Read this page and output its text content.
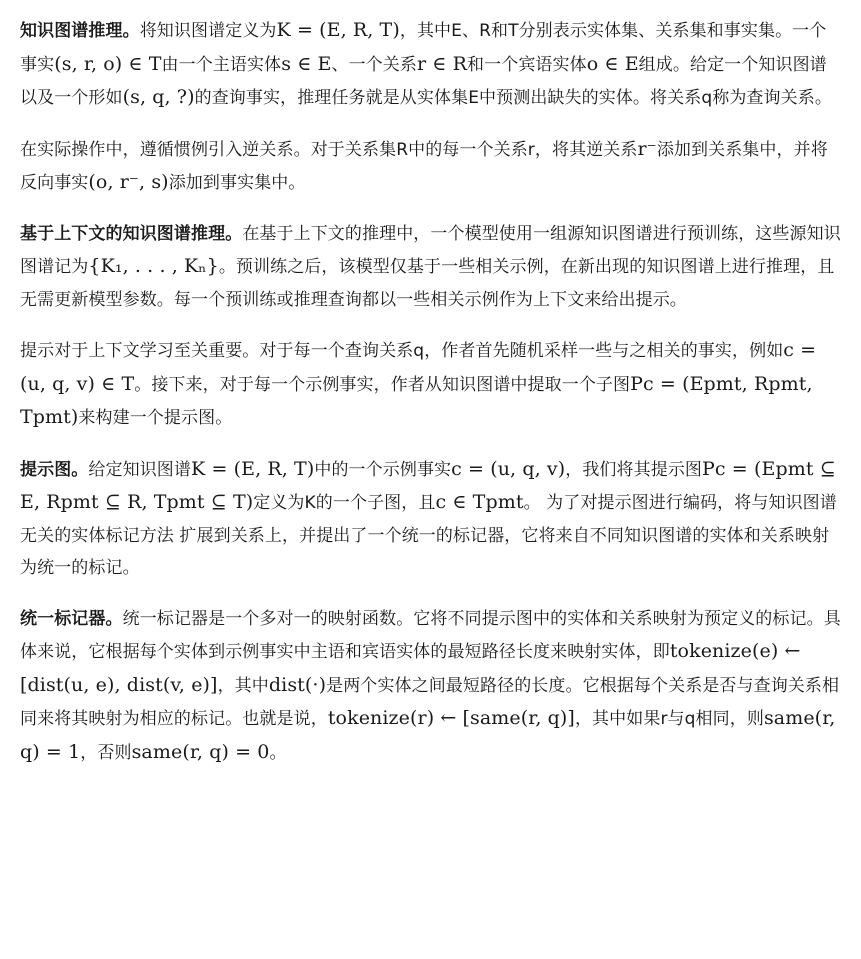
知识图谱推理。将知识图谱定义为K = (E, R, T)，其中E、R和T分别表示实体集、关系集和事实集。一个事实(s, r, o) ∈ T由一个主语实体s ∈ E、一个关系r ∈ R和一个宾语实体o ∈ E组成。给定一个知识图谱以及一个形如(s, q, ?)的查询事实，推理任务就是从实体集E中预测出缺失的实体。将关系q称为查询关系。

在实际操作中，遵循惯例引入逆关系。对于关系集R中的每一个关系r，将其逆关系r⁻添加到关系集中，并将反向事实(o, r⁻, s)添加到事实集中。

基于上下文的知识图谱推理。在基于上下文的推理中，一个模型使用一组源知识图谱进行预训练，这些源知识图谱记为{K₁, . . . , Kₙ}。预训练之后，该模型仅基于一些相关示例，在新出现的知识图谱上进行推理，且无需更新模型参数。每一个预训练或推理查询都以一些相关示例作为上下文来给出提示。

提示对于上下文学习至关重要。对于每一个查询关系q，作者首先随机采样一些与之相关的事实，例如c = (u, q, v) ∈ T。接下来，对于每一个示例事实，作者从知识图谱中提取一个子图Pc = (Epmt, Rpmt, Tpmt)来构建一个提示图。

提示图。给定知识图谱K = (E, R, T)中的一个示例事实c = (u, q, v)，我们将其提示图Pc = (Epmt ⊆ E, Rpmt ⊆ R, Tpmt ⊆ T)定义为K的一个子图，且c ∈ Tpmt。 为了对提示图进行编码，将与知识图谱无关的实体标记方法 扩展到关系上，并提出了一个统一的标记器，它将来自不同知识图谱的实体和关系映射为统一的标记。

统一标记器。统一标记器是一个多对一的映射函数。它将不同提示图中的实体和关系映射为预定义的标记。具体来说，它根据每个实体到示例事实中主语和宾语实体的最短路径长度来映射实体，即tokenize(e) ← [dist(u, e), dist(v, e)]，其中dist(·)是两个实体之间最短路径的长度。它根据每个关系是否与查询关系相同来将其映射为相应的标记。也就是说，tokenize(r) ← [same(r, q)]，其中如果r与q相同，则same(r, q) = 1，否则same(r, q) = 0。
